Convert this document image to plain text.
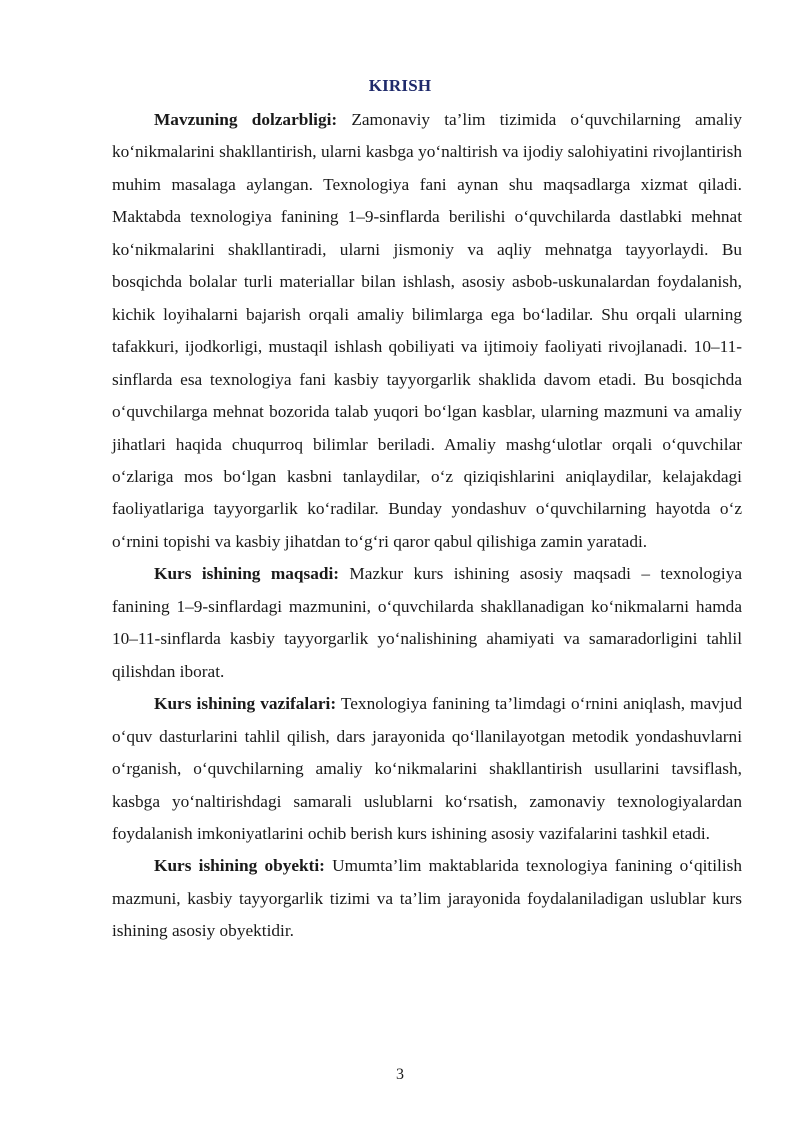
KIRISH

Mavzuning dolzarbligi: Zamonaviy ta’lim tizimida o‘quvchilarning amaliy ko‘nikmalarini shakllantirish, ularni kasbga yo‘naltirish va ijodiy salohiyatini rivojlantirish muhim masalaga aylangan. Texnologiya fani aynan shu maqsadlarga xizmat qiladi. Maktabda texnologiya fanining 1–9-sinflarda berilishi o‘quvchilarda dastlabki mehnat ko‘nikmalarini shakllantiradi, ularni jismoniy va aqliy mehnatga tayyorlaydi. Bu bosqichda bolalar turli materiallar bilan ishlash, asosiy asbob-uskunalardan foydalanish, kichik loyihalarni bajarish orqali amaliy bilimlarga ega bo‘ladilar. Shu orqali ularning tafakkuri, ijodkorligi, mustaqil ishlash qobiliyati va ijtimoiy faoliyati rivojlanadi. 10–11-sinflarda esa texnologiya fani kasbiy tayyorgarlik shaklida davom etadi. Bu bosqichda o‘quvchilarga mehnat bozorida talab yuqori bo‘lgan kasblar, ularning mazmuni va amaliy jihatlari haqida chuqurroq bilimlar beriladi. Amaliy mashg‘ulotlar orqali o‘quvchilar o‘zlariga mos bo‘lgan kasbni tanlaydilar, o‘z qiziqishlarini aniqlaydilar, kelajakdagi faoliyatlariga tayyorgarlik ko‘radilar. Bunday yondashuv o‘quvchilarning hayotda o‘z o‘rnini topishi va kasbiy jihatdan to‘g‘ri qaror qabul qilishiga zamin yaratadi.

Kurs ishining maqsadi: Mazkur kurs ishining asosiy maqsadi – texnologiya fanining 1–9-sinflardagi mazmunini, o‘quvchilarda shakllanadigan ko‘nikmalarni hamda 10–11-sinflarda kasbiy tayyorgarlik yo‘nalishining ahamiyati va samaradorligini tahlil qilishdan iborat.

Kurs ishining vazifalari: Texnologiya fanining ta’limdagi o‘rnini aniqlash, mavjud o‘quv dasturlarini tahlil qilish, dars jarayonida qo‘llanilayotgan metodik yondashuvlarni o‘rganish, o‘quvchilarning amaliy ko‘nikmalarini shakllantirish usullarini tavsiflash, kasbga yo‘naltirishdagi samarali uslublarni ko‘rsatish, zamonaviy texnologiyalardan foydalanish imkoniyatlarini ochib berish kurs ishining asosiy vazifalarini tashkil etadi.

Kurs ishining obyekti: Umumta’lim maktablarida texnologiya fanining o‘qitilish mazmuni, kasbiy tayyorgarlik tizimi va ta’lim jarayonida foydalaniladigan uslublar kurs ishining asosiy obyektidir.

3
